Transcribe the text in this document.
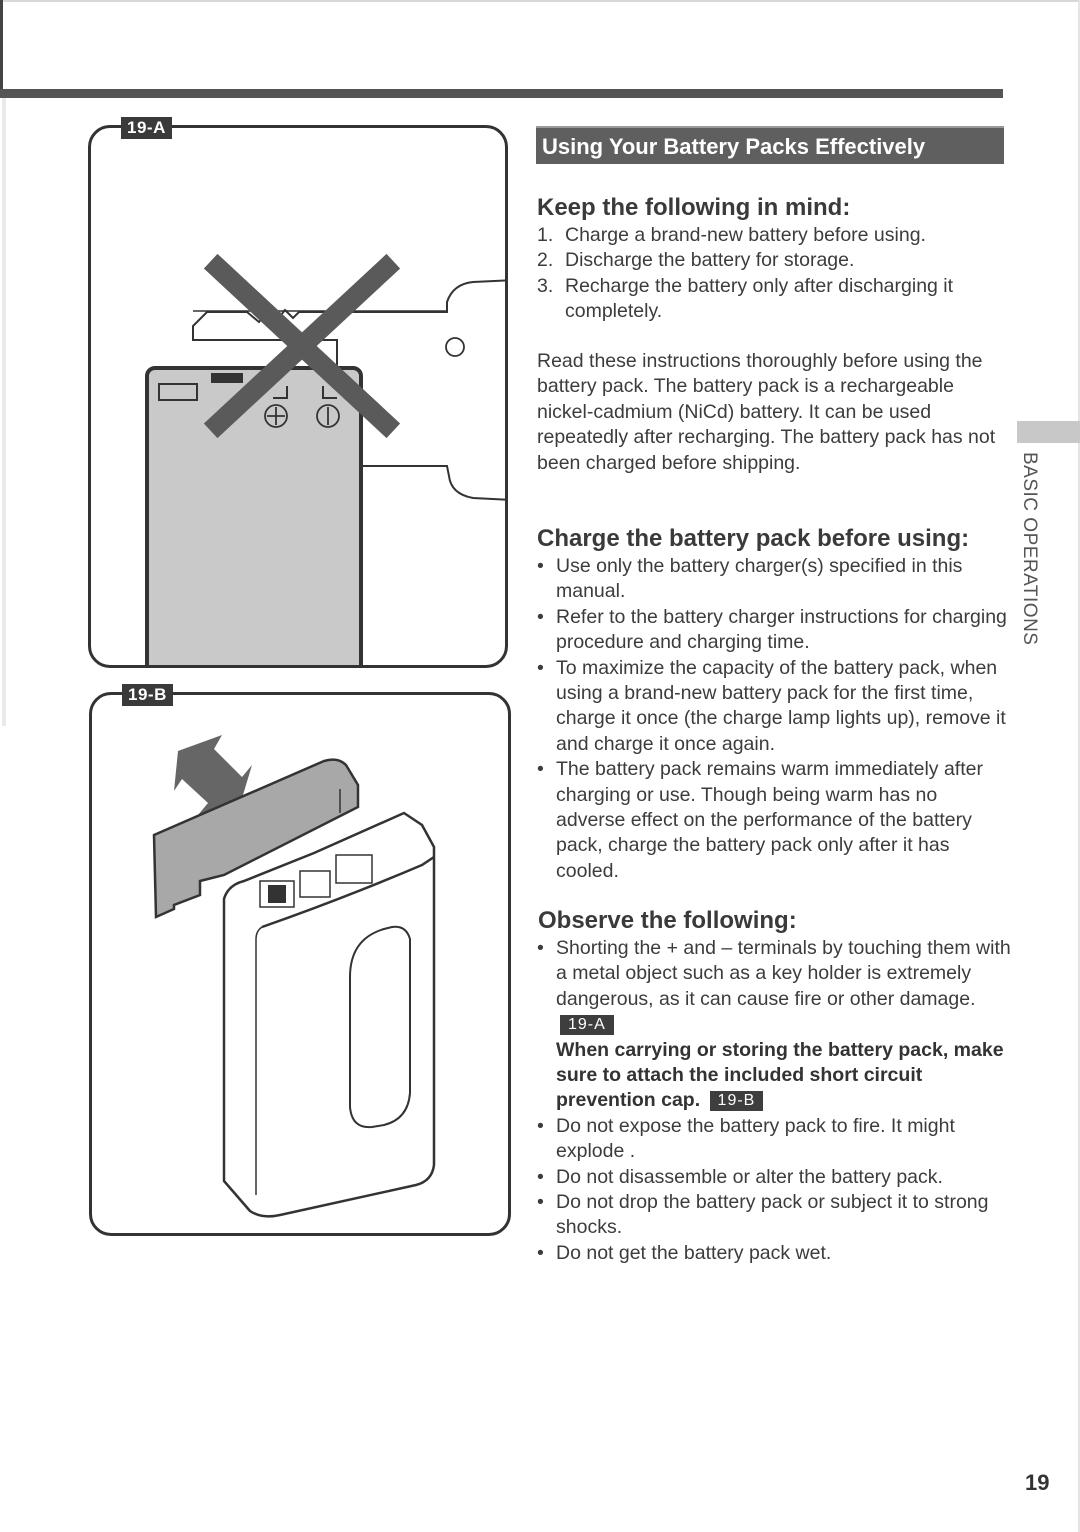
19-A
19-B
Using Your Battery Packs Effectively
Keep the following in mind:
1. Charge a brand-new battery before using.
2. Discharge the battery for storage.
3. Recharge the battery only after discharging it completely.
Read these instructions thoroughly before using the battery pack. The battery pack is a rechargeable nickel-cadmium (NiCd) battery. It can be used repeatedly after recharging. The battery pack has not been charged before shipping.
Charge the battery pack before using:
• Use only the battery charger(s) specified in this manual.
• Refer to the battery charger instructions for charging procedure and charging time.
• To maximize the capacity of the battery pack, when using a brand-new battery pack for the first time, charge it once (the charge lamp lights up), remove it and charge it once again.
• The battery pack remains warm immediately after charging or use. Though being warm has no adverse effect on the performance of the battery pack, charge the battery pack only after it has cooled.
Observe the following:
• Shorting the + and – terminals by touching them with a metal object such as a key holder is extremely dangerous, as it can cause fire or other damage. 19-A
When carrying or storing the battery pack, make sure to attach the included short circuit prevention cap. 19-B
• Do not expose the battery pack to fire. It might explode .
• Do not disassemble or alter the battery pack.
• Do not drop the battery pack or subject it to strong shocks.
• Do not get the battery pack wet.
BASIC OPERATIONS
19
